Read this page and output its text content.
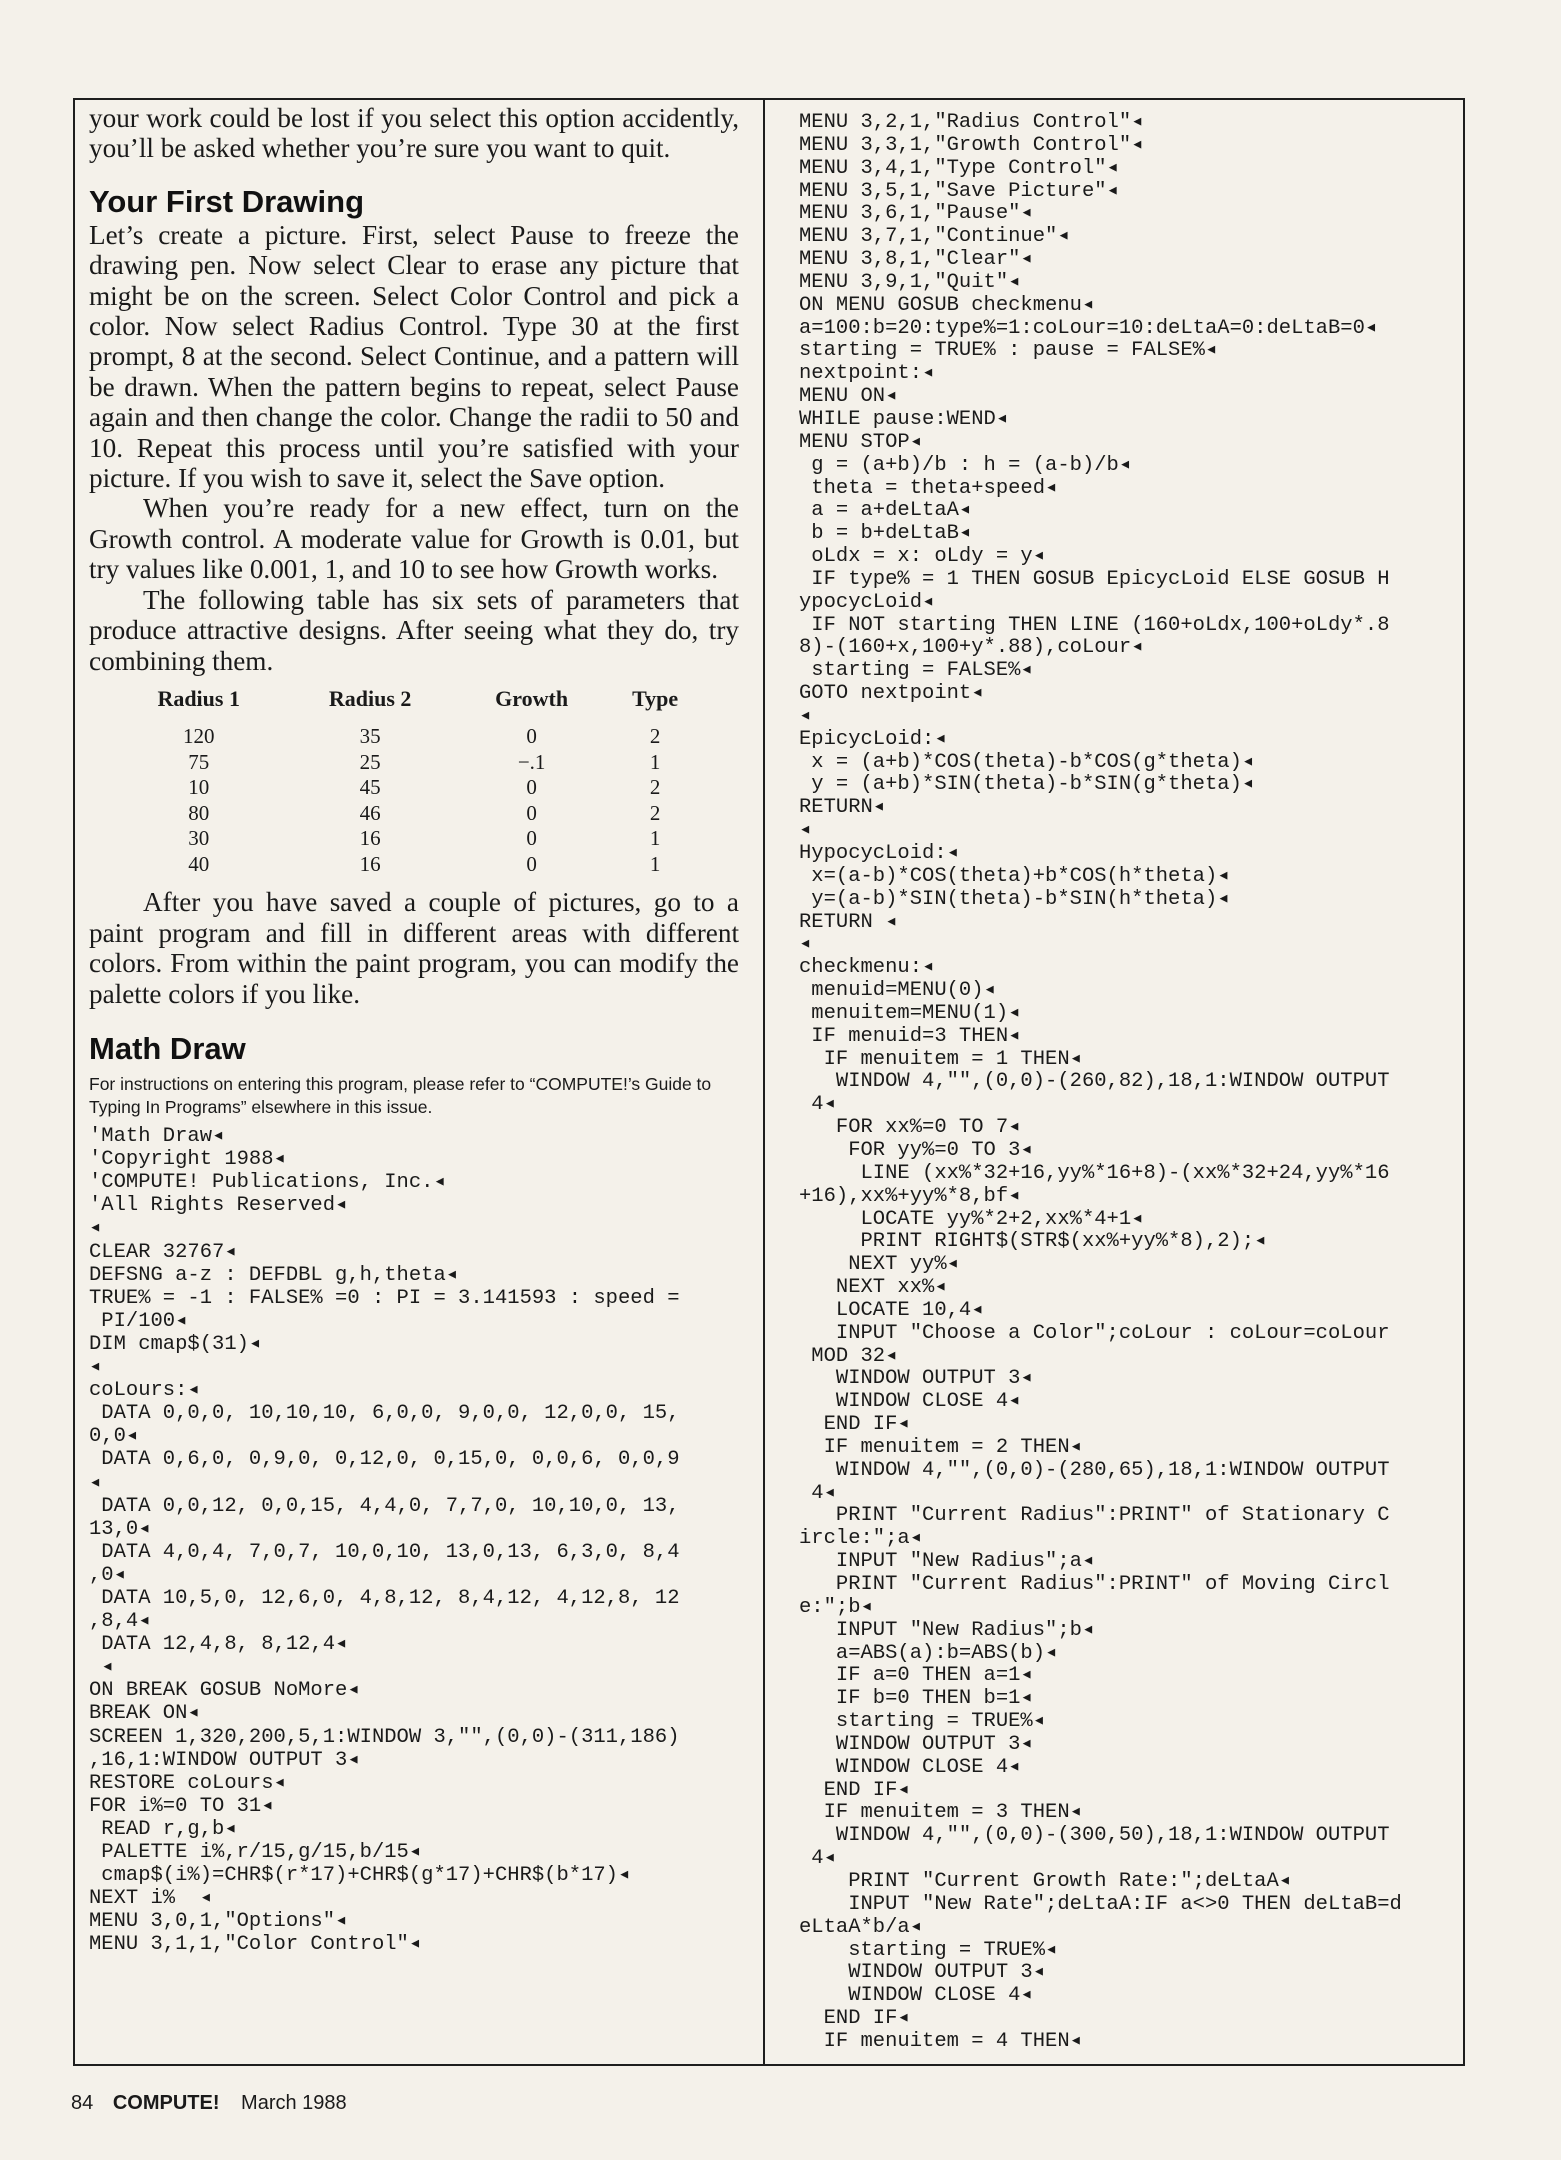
your work could be lost if you select this option accidently, you’ll be asked whether you’re sure you want to quit.

Your First Drawing

Let’s create a picture. First, select Pause to freeze the drawing pen. Now select Clear to erase any picture that might be on the screen. Select Color Control and pick a color. Now select Radius Control. Type 30 at the first prompt, 8 at the second. Select Continue, and a pattern will be drawn. When the pattern begins to repeat, select Pause again and then change the color. Change the radii to 50 and 10. Repeat this process until you’re satisfied with your picture. If you wish to save it, select the Save option.

When you’re ready for a new effect, turn on the Growth control. A moderate value for Growth is 0.01, but try values like 0.001, 1, and 10 to see how Growth works.

The following table has six sets of parameters that produce attractive designs. After seeing what they do, try combining them.

Radius 1	Radius 2	Growth	Type
120	35	0	2
75	25	−.1	1
10	45	0	2
80	46	0	2
30	16	0	1
40	16	0	1

After you have saved a couple of pictures, go to a paint program and fill in different areas with different colors. From within the paint program, you can modify the palette colors if you like.

Math Draw

For instructions on entering this program, please refer to “COMPUTE!’s Guide to Typing In Programs” elsewhere in this issue.

'Math Draw◂
'Copyright 1988◂
'COMPUTE! Publications, Inc.◂
'All Rights Reserved◂
◂
CLEAR 32767◂
DEFSNG a-z : DEFDBL g,h,theta◂
TRUE% = -1 : FALSE% =0 : PI = 3.141593 : speed =
PI/100◂
DIM cmap$(31)◂
◂
coLours:◂
DATA 0,0,0, 10,10,10, 6,0,0, 9,0,0, 12,0,0, 15,
0,0◂
DATA 0,6,0, 0,9,0, 0,12,0, 0,15,0, 0,0,6, 0,0,9
◂
DATA 0,0,12, 0,0,15, 4,4,0, 7,7,0, 10,10,0, 13,
13,0◂
DATA 4,0,4, 7,0,7, 10,0,10, 13,0,13, 6,3,0, 8,4
,0◂
DATA 10,5,0, 12,6,0, 4,8,12, 8,4,12, 4,12,8, 12
,8,4◂
DATA 12,4,8, 8,12,4◂
◂
ON BREAK GOSUB NoMore◂
BREAK ON◂
SCREEN 1,320,200,5,1:WINDOW 3,"",(0,0)-(311,186)
,16,1:WINDOW OUTPUT 3◂
RESTORE coLours◂
FOR i%=0 TO 31◂
READ r,g,b◂
PALETTE i%,r/15,g/15,b/15◂
cmap$(i%)=CHR$(r*17)+CHR$(g*17)+CHR$(b*17)◂
NEXT i%  ◂
MENU 3,0,1,"Options"◂
MENU 3,1,1,"Color Control"◂
MENU 3,2,1,"Radius Control"◂
MENU 3,3,1,"Growth Control"◂
MENU 3,4,1,"Type Control"◂
MENU 3,5,1,"Save Picture"◂
MENU 3,6,1,"Pause"◂
MENU 3,7,1,"Continue"◂
MENU 3,8,1,"Clear"◂
MENU 3,9,1,"Quit"◂
ON MENU GOSUB checkmenu◂
a=100:b=20:type%=1:coLour=10:deLtaA=0:deLtaB=0◂
starting = TRUE% : pause = FALSE%◂
nextpoint:◂
MENU ON◂
WHILE pause:WEND◂
MENU STOP◂
g = (a+b)/b : h = (a-b)/b◂
theta = theta+speed◂
a = a+deLtaA◂
b = b+deLtaB◂
oLdx = x: oLdy = y◂
IF type% = 1 THEN GOSUB EpicycLoid ELSE GOSUB H
ypocycLoid◂
IF NOT starting THEN LINE (160+oLdx,100+oLdy*.8
8)-(160+x,100+y*.88),coLour◂
starting = FALSE%◂
GOTO nextpoint◂
◂
EpicycLoid:◂
x = (a+b)*COS(theta)-b*COS(g*theta)◂
y = (a+b)*SIN(theta)-b*SIN(g*theta)◂
RETURN◂
◂
HypocycLoid:◂
x=(a-b)*COS(theta)+b*COS(h*theta)◂
y=(a-b)*SIN(theta)-b*SIN(h*theta)◂
RETURN ◂
◂
checkmenu:◂
menuid=MENU(0)◂
menuitem=MENU(1)◂
IF menuid=3 THEN◂
IF menuitem = 1 THEN◂
WINDOW 4,"",(0,0)-(260,82),18,1:WINDOW OUTPUT
4◂
FOR xx%=0 TO 7◂
FOR yy%=0 TO 3◂
LINE (xx%*32+16,yy%*16+8)-(xx%*32+24,yy%*16
+16),xx%+yy%*8,bf◂
LOCATE yy%*2+2,xx%*4+1◂
PRINT RIGHT$(STR$(xx%+yy%*8),2);◂
NEXT yy%◂
NEXT xx%◂
LOCATE 10,4◂
INPUT "Choose a Color";coLour : coLour=coLour
MOD 32◂
WINDOW OUTPUT 3◂
WINDOW CLOSE 4◂
END IF◂
IF menuitem = 2 THEN◂
WINDOW 4,"",(0,0)-(280,65),18,1:WINDOW OUTPUT
4◂
PRINT "Current Radius":PRINT" of Stationary C
ircle:";a◂
INPUT "New Radius";a◂
PRINT "Current Radius":PRINT" of Moving Circl
e:";b◂
INPUT "New Radius";b◂
a=ABS(a):b=ABS(b)◂
IF a=0 THEN a=1◂
IF b=0 THEN b=1◂
starting = TRUE%◂
WINDOW OUTPUT 3◂
WINDOW CLOSE 4◂
END IF◂
IF menuitem = 3 THEN◂
WINDOW 4,"",(0,0)-(300,50),18,1:WINDOW OUTPUT
4◂
PRINT "Current Growth Rate:";deLtaA◂
INPUT "New Rate";deLtaA:IF a<>0 THEN deLtaB=d
eLtaA*b/a◂
starting = TRUE%◂
WINDOW OUTPUT 3◂
WINDOW CLOSE 4◂
END IF◂
IF menuitem = 4 THEN◂
84 COMPUTE! March 1988
